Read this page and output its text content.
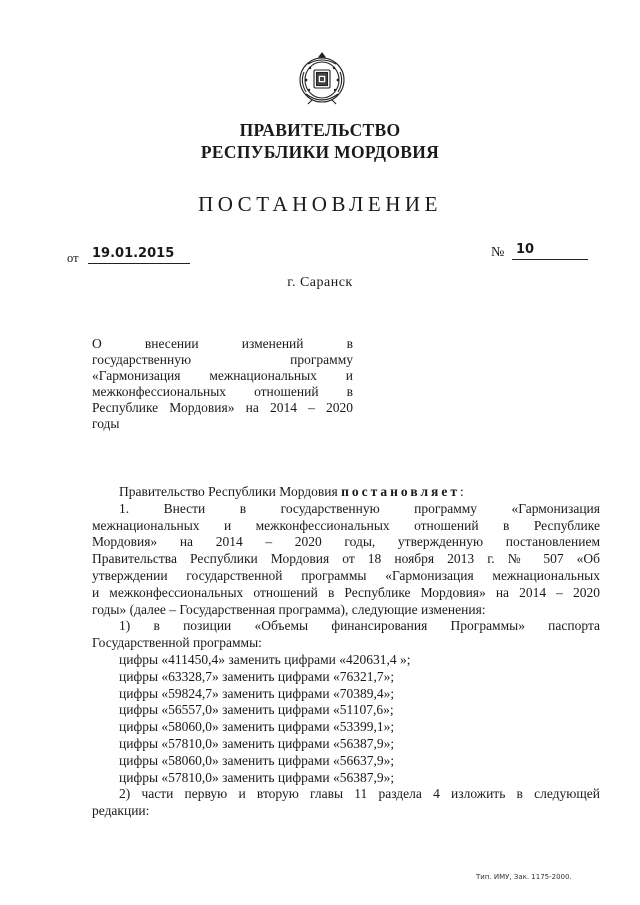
ПРАВИТЕЛЬСТВО
РЕСПУБЛИКИ МОРДОВИЯ
ПОСТАНОВЛЕНИЕ
от	19.01.2015	№ 10
г. Саранск
О внесении изменений в
государственную программу
«Гармонизация межнациональных и
межконфессиональных отношений в
Республике Мордовия» на 2014 – 2020
годы
Правительство Республики Мордовия постановляет:
1. Внести в государственную программу «Гармонизация
межнациональных и межконфессиональных отношений в Республике
Мордовия» на 2014 – 2020 годы, утвержденную постановлением
Правительства Республики Мордовия от 18 ноября 2013 г. № 507 «Об
утверждении государственной программы «Гармонизация межнациональных
и межконфессиональных отношений в Республике Мордовия» на 2014 – 2020
годы» (далее – Государственная программа), следующие изменения:
1) в позиции «Объемы финансирования Программы» паспорта
Государственной программы:
цифры «411450,4» заменить цифрами «420631,4 »;
цифры «63328,7» заменить цифрами «76321,7»;
цифры «59824,7» заменить цифрами «70389,4»;
цифры «56557,0» заменить цифрами «51107,6»;
цифры «58060,0» заменить цифрами «53399,1»;
цифры «57810,0» заменить цифрами «56387,9»;
цифры «58060,0» заменить цифрами «56637,9»;
цифры «57810,0» заменить цифрами «56387,9»;
2) части первую и вторую главы 11 раздела 4 изложить в следующей
редакции:
Тип. ИМУ, Зак. 1175-2000.
